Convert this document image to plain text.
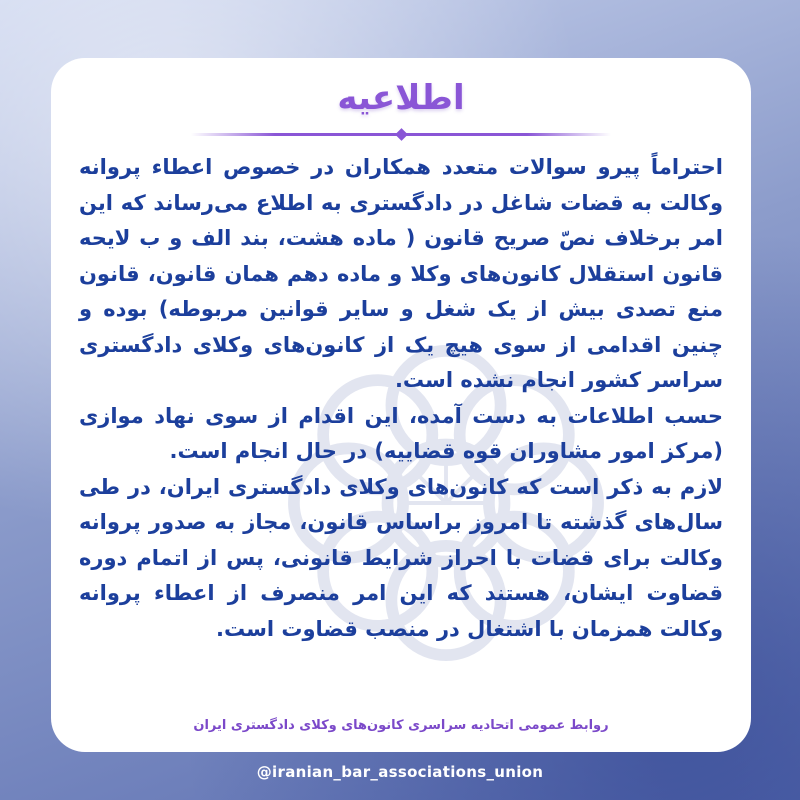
اطلاعیه

احتراماً پیرو سوالات متعدد همکاران در خصوص اعطاء پروانه وکالت به قضات شاغل در دادگستری به اطلاع می‌رساند که این امر برخلاف نصّ صریح قانون ( ماده هشت، بند الف و ب لایحه قانون استقلال کانون‌های وکلا و ماده دهم همان قانون، قانون منع تصدی بیش از یک شغل و سایر قوانین مربوطه) بوده و چنین اقدامی از سوی هیچ یک از کانون‌های وکلای دادگستری سراسر کشور انجام نشده است.

حسب اطلاعات به دست آمده، این اقدام از سوی نهاد موازی (مرکز امور مشاوران قوه قضاییه) در حال انجام است.

لازم به ذکر است که کانون‌های وکلای دادگستری ایران، در طی سال‌های گذشته تا امروز براساس قانون، مجاز به صدور پروانه وکالت برای قضات با احراز شرایط قانونی، پس از اتمام دوره قضاوت ایشان، هستند که این امر منصرف از اعطاء پروانه وکالت همزمان با اشتغال در منصب قضاوت است.

روابط عمومی اتحادیه سراسری کانون‌های وکلای دادگستری ایران
@iranian_bar_associations_union
